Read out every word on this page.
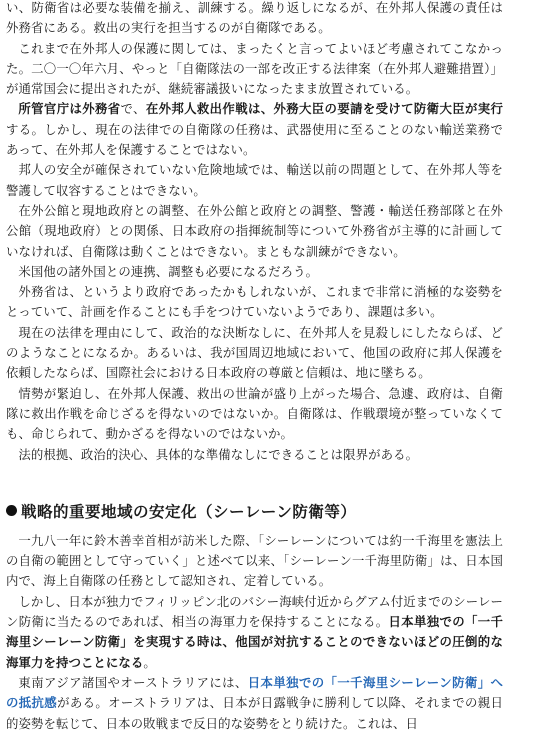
い、防衛省は必要な装備を揃え、訓練する。繰り返しになるが、在外邦人保護の責任は外務省にある。救出の実行を担当するのが自衛隊である。

これまで在外邦人の保護に関しては、まったくと言ってよいほど考慮されてこなかった。二〇一〇年六月、やっと「自衛隊法の一部を改正する法律案（在外邦人避難措置）」が通常国会に提出されたが、継続審議扱いになったまま放置されている。

所管官庁は外務省で、在外邦人救出作戦は、外務大臣の要請を受けて防衛大臣が実行する。しかし、現在の法律での自衛隊の任務は、武器使用に至ることのない輸送業務であって、在外邦人を保護することではない。

邦人の安全が確保されていない危険地域では、輸送以前の問題として、在外邦人等を警護して収容することはできない。

在外公館と現地政府との調整、在外公館と政府との調整、警護・輸送任務部隊と在外公館（現地政府）との関係、日本政府の指揮統制等について外務省が主導的に計画していなければ、自衛隊は動くことはできない。まともな訓練ができない。

米国他の諸外国との連携、調整も必要になるだろう。

外務省は、というより政府であったかもしれないが、これまで非常に消極的な姿勢をとっていて、計画を作ることにも手をつけていないようであり、課題は多い。

現在の法律を理由にして、政治的な決断なしに、在外邦人を見殺しにしたならば、どのようなことになるか。あるいは、我が国周辺地域において、他国の政府に邦人保護を依頼したならば、国際社会における日本政府の尊厳と信頼は、地に墜ちる。

情勢が緊迫し、在外邦人保護、救出の世論が盛り上がった場合、急遽、政府は、自衛隊に救出作戦を命じざるを得ないのではないか。自衛隊は、作戦環境が整っていなくても、命じられて、動かざるを得ないのではないか。

法的根拠、政治的決心、具体的な準備なしにできることは限界がある。

戦略的重要地域の安定化（シーレーン防衛等）

一九八一年に鈴木善幸首相が訪米した際、「シーレーンについては約一千海里を憲法上の自衛の範囲として守っていく」と述べて以来、「シーレーン一千海里防衛」は、日本国内で、海上自衛隊の任務として認知され、定着している。

しかし、日本が独力でフィリッピン北のバシー海峡付近からグアム付近までのシーレーン防衛に当たるのであれば、相当の海軍力を保持することになる。日本単独での「一千海里シーレーン防衛」を実現する時は、他国が対抗することのできないほどの圧倒的な海軍力を持つことになる。

東南アジア諸国やオーストラリアには、日本単独での「一千海里シーレーン防衛」への抵抗感がある。オーストラリアは、日本が日露戦争に勝利して以降、それまでの親日的姿勢を転じて、日本の敗戦まで反日的な姿勢をとり続けた。これは、日
